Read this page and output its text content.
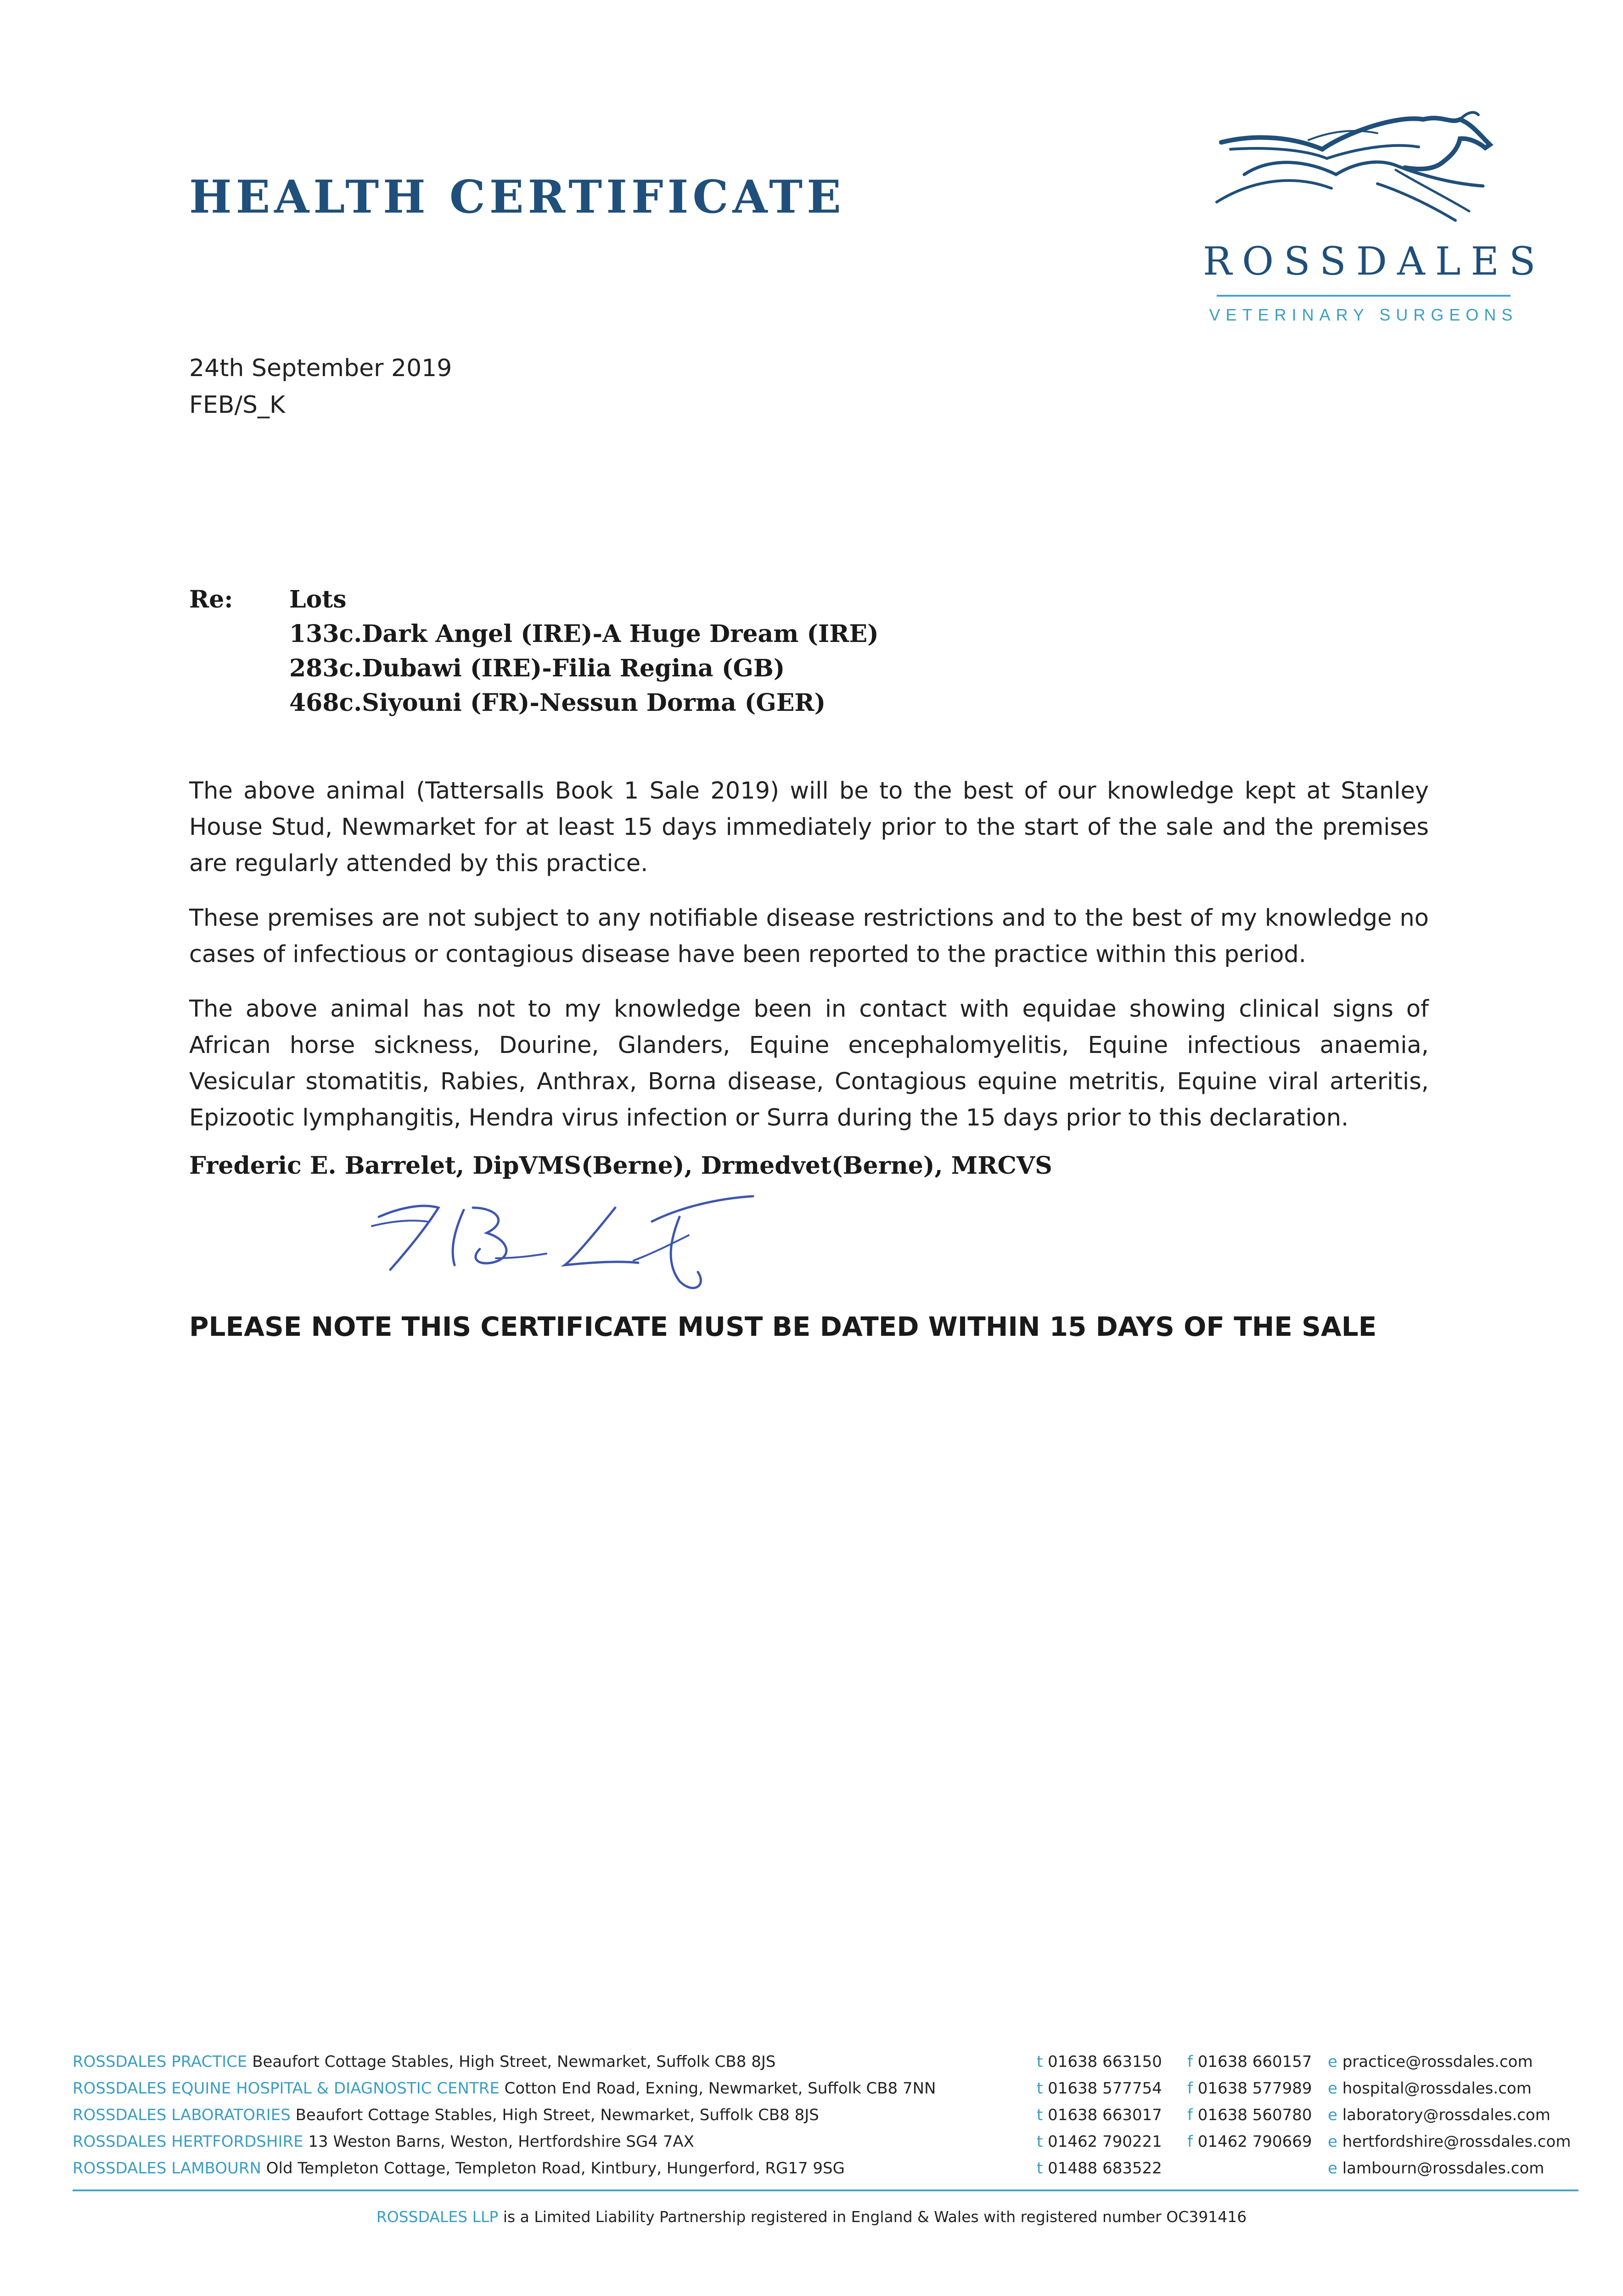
HEALTH CERTIFICATE
ROSSDALES
VETERINARY SURGEONS
24th September 2019
FEB/S_K
Re: Lots
133c.Dark Angel (IRE)-A Huge Dream (IRE)
283c.Dubawi (IRE)-Filia Regina (GB)
468c.Siyouni (FR)-Nessun Dorma (GER)

The above animal (Tattersalls Book 1 Sale 2019) will be to the best of our knowledge kept at Stanley House Stud, Newmarket for at least 15 days immediately prior to the start of the sale and the premises are regularly attended by this practice.

These premises are not subject to any notifiable disease restrictions and to the best of my knowledge no cases of infectious or contagious disease have been reported to the practice within this period.

The above animal has not to my knowledge been in contact with equidae showing clinical signs of African horse sickness, Dourine, Glanders, Equine encephalomyelitis, Equine infectious anaemia, Vesicular stomatitis, Rabies, Anthrax, Borna disease, Contagious equine metritis, Equine viral arteritis, Epizootic lymphangitis, Hendra virus infection or Surra during the 15 days prior to this declaration.

Frederic E. Barrelet, DipVMS(Berne), Drmedvet(Berne), MRCVS
PLEASE NOTE THIS CERTIFICATE MUST BE DATED WITHIN 15 DAYS OF THE SALE
ROSSDALES PRACTICE Beaufort Cottage Stables, High Street, Newmarket, Suffolk CB8 8JS	t 01638 663150 f 01638 660157 e practice@rossdales.com
ROSSDALES EQUINE HOSPITAL & DIAGNOSTIC CENTRE Cotton End Road, Exning, Newmarket, Suffolk CB8 7NN	t 01638 577754 f 01638 577989 e hospital@rossdales.com
ROSSDALES LABORATORIES Beaufort Cottage Stables, High Street, Newmarket, Suffolk CB8 8JS	t 01638 663017 f 01638 560780 e laboratory@rossdales.com
ROSSDALES HERTFORDSHIRE 13 Weston Barns, Weston, Hertfordshire SG4 7AX	t 01462 790221 f 01462 790669 e hertfordshire@rossdales.com
ROSSDALES LAMBOURN Old Templeton Cottage, Templeton Road, Kintbury, Hungerford, RG17 9SG	t 01488 683522	e lambourn@rossdales.com
ROSSDALES LLP is a Limited Liability Partnership registered in England & Wales with registered number OC391416
